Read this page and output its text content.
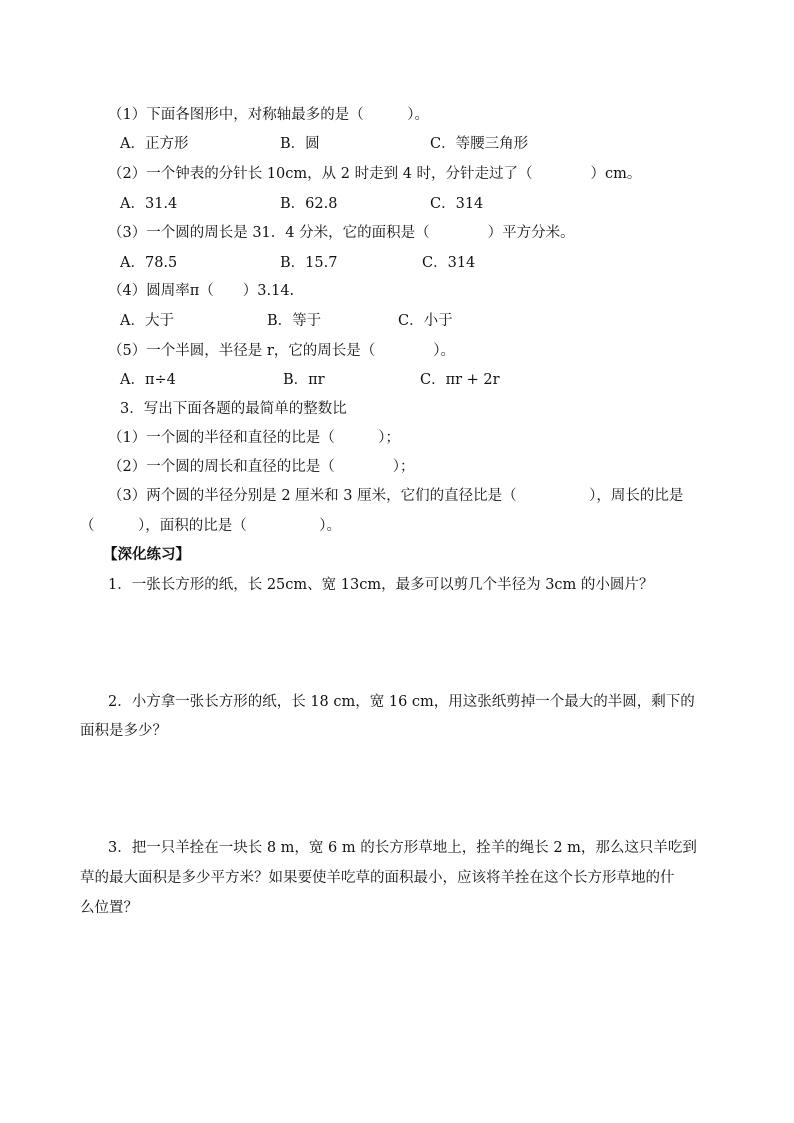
（1）下面各图形中，对称轴最多的是（　　　）。
A．正方形	B．圆	C．等腰三角形
（2）一个钟表的分针长 10cm，从 2 时走到 4 时，分针走过了（　　　　）cm。
A．31.4	B．62.8	C．314
（3）一个圆的周长是 31．4 分米，它的面积是（　　　　）平方分米。
A．78.5	B．15.7	C．314
（4）圆周率π（　　）3.14.
A．大于	B．等于	C．小于
（5）一个半圆，半径是 r，它的周长是（　　　　）。
A．π÷4	B．πr	C．πr + 2r
3．写出下面各题的最简单的整数比
（1）一个圆的半径和直径的比是（　　　）；
（2）一个圆的周长和直径的比是（　　　　）；
（3）两个圆的半径分别是 2 厘米和 3 厘米，它们的直径比是（　　　　　），周长的比是
（　　　），面积的比是（　　　　　）。
【深化练习】
1．一张长方形的纸，长 25cm、宽 13cm，最多可以剪几个半径为 3cm 的小圆片？
2．小方拿一张长方形的纸，长 18 cm，宽 16 cm，用这张纸剪掉一个最大的半圆，剩下的
面积是多少？
3．把一只羊拴在一块长 8 m，宽 6 m 的长方形草地上，拴羊的绳长 2 m，那么这只羊吃到
草的最大面积是多少平方米？如果要使羊吃草的面积最小，应该将羊拴在这个长方形草地的什
么位置？
